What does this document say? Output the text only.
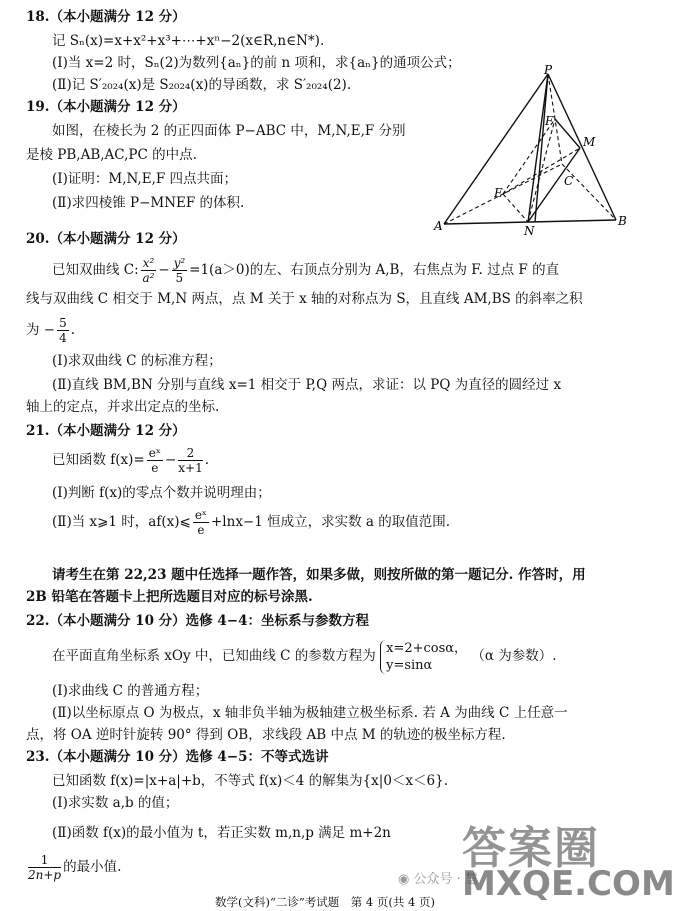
18.（本小题满分 12 分）
记 Sₙ(x)=x+x²+x³+⋯+xⁿ−2(x∈R,n∈N*).
(Ⅰ)当 x=2 时，Sₙ(2)为数列{aₙ}的前 n 项和，求{aₙ}的通项公式；
(Ⅱ)记 S′₂₀₂₄(x)是 S₂₀₂₄(x)的导函数，求 S′₂₀₂₄(2).
19.（本小题满分 12 分）
如图，在棱长为 2 的正四面体 P−ABC 中，M,N,E,F 分别
是棱 PB,AB,AC,PC 的中点.
(Ⅰ)证明：M,N,E,F 四点共面；
(Ⅱ)求四棱锥 P−MNEF 的体积.
P
A	B
C
M
N
E
F
20.（本小题满分 12 分）
已知双曲线 C: $\frac{\text{x²}}{\text{a²}} - \frac{\text{y²}}{5} =1(a>0)$的左、右顶点分别为 A,B，右焦点为 F. 过点 F 的直
线与双曲线 C 相交于 M,N 两点，点 M 关于 x 轴的对称点为 S，且直线 AM,BS 的斜率之积
为 − $\frac{5}{4}$ .
(Ⅰ)求双曲线 C 的标准方程；
(Ⅱ)直线 BM,BN 分别与直线 x=1 相交于 P,Q 两点，求证：以 PQ 为直径的圆经过 x
轴上的定点，并求出定点的坐标.
21.（本小题满分 12 分）
已知函数 $f(x)= \frac{\text{eˣ}}{e} - \frac{2}{x+1}$ .
(Ⅰ)判断 f(x)的零点个数并说明理由；
(Ⅱ)当 x⩾1 时，af(x)⩽ $\frac{\text{eˣ}}{e} +\ln x-1$ 恒成立，求实数 a 的取值范围.
请考生在第 22,23 题中任选择一题作答，如果多做，则按所做的第一题记分. 作答时，用
2B 铅笔在答题卡上把所选题目对应的标号涂黑.
22.（本小题满分 10 分）选修 4−4：坐标系与参数方程
在平面直角坐标系 xOy 中，已知曲线 C 的参数方程为 x=2+cosα，
y=sinα
（α 为参数）.
(Ⅰ)求曲线 C 的普通方程；
(Ⅱ)以坐标原点 O 为极点，x 轴非负半轴为极轴建立极坐标系. 若 A 为曲线 C 上任意一
点，将 OA 逆时针旋转 90° 得到 OB，求线段 AB 中点 M 的轨迹的极坐标方程.
23.（本小题满分 10 分）选修 4−5：不等式选讲
已知函数 f(x)=|x+a|+b，不等式 f(x)＜4 的解集为{x|0＜x＜6}.
(Ⅰ)求实数 a,b 的值；
(Ⅱ)函数 f(x)的最小值为 t，若正实数 m,n,p 满足 m+2n
$\frac{1}{2n+p}$ 的最小值.
数学(文科)“二诊”考试题　第 4 页(共 4 页)
◉ 公众号 · 慧
答案圈
MXQE.COM
